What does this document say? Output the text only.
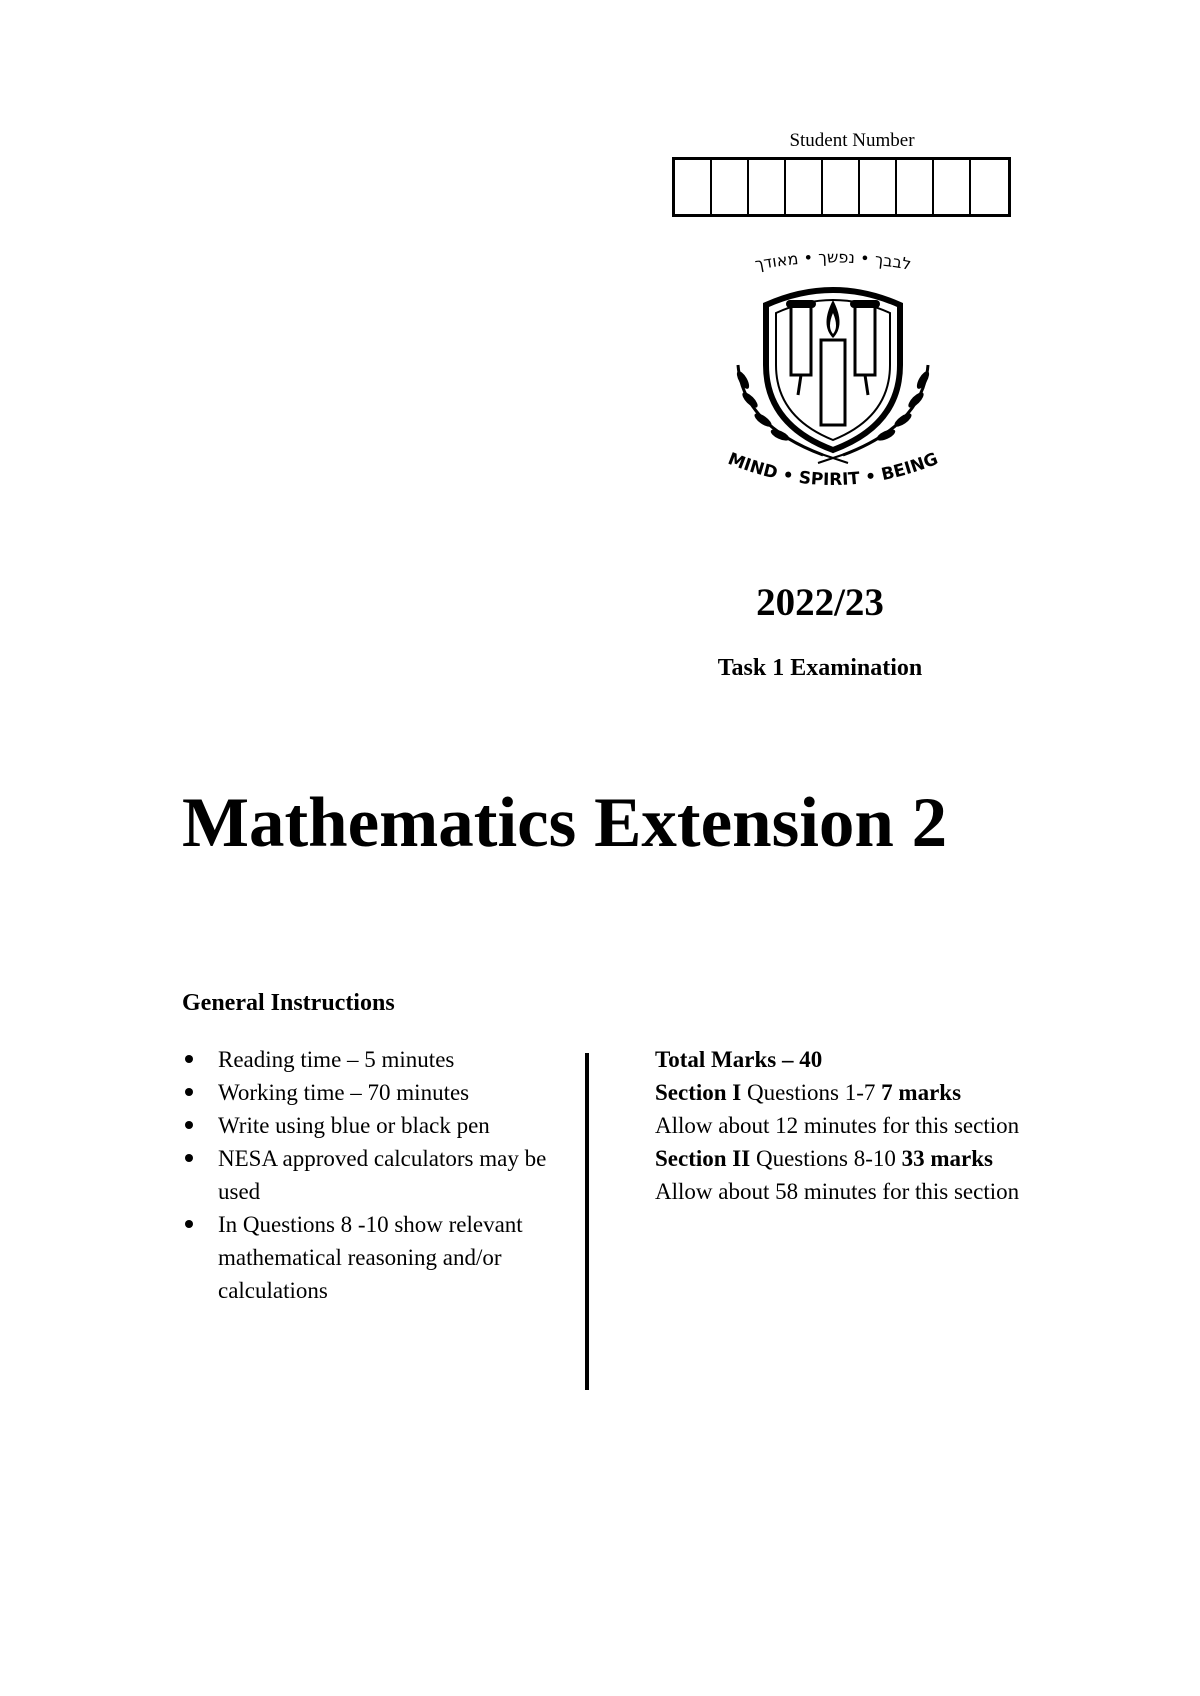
Student Number
לבבך • נפשך • מאודך
MIND • SPIRIT • BEING
2022/23
Task 1 Examination
Mathematics Extension 2
General Instructions
Reading time – 5 minutes
Working time – 70 minutes
Write using blue or black pen
NESA approved calculators may be used
In Questions 8 -10 show relevant mathematical reasoning and/or calculations
Total Marks – 40
Section I Questions 1-7 7 marks
Allow about 12 minutes for this section
Section II Questions 8-10 33 marks
Allow about 58 minutes for this section
